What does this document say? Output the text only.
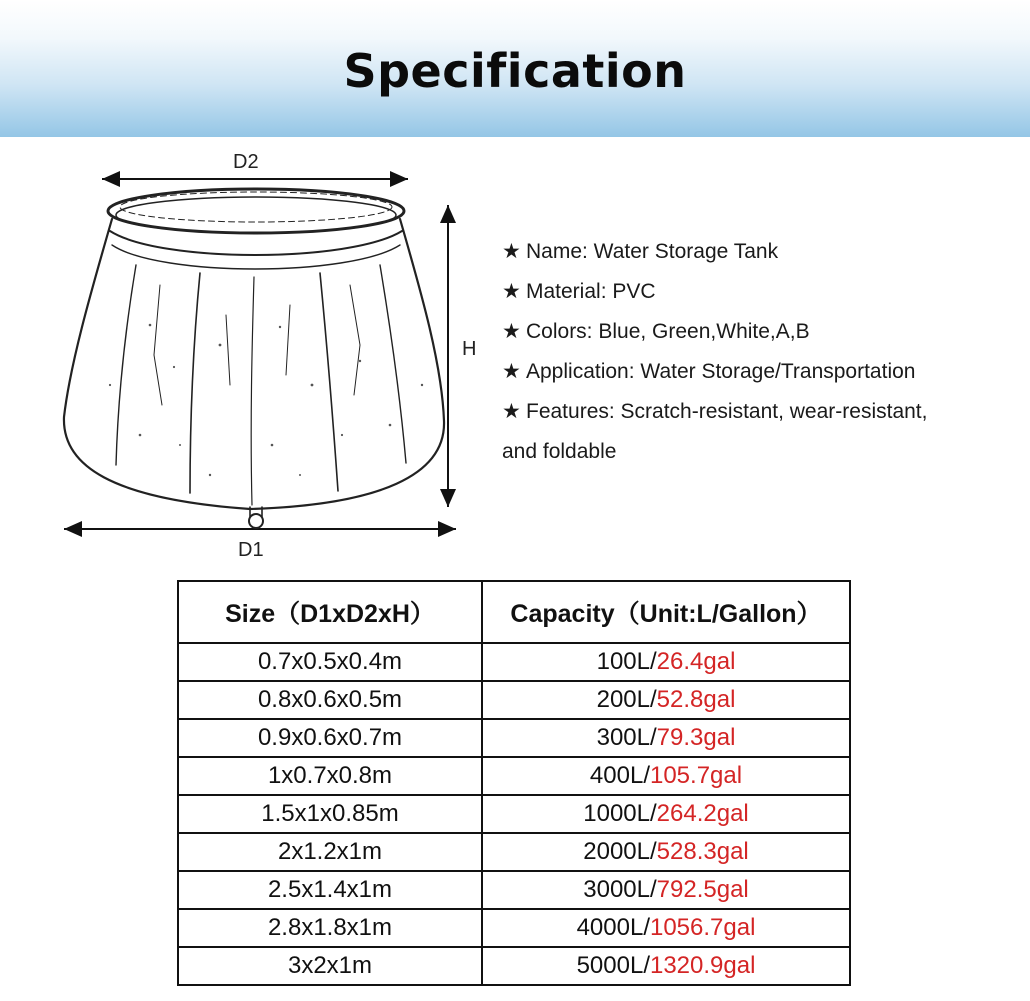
Specification
D2
H
D1
★ Name: Water Storage Tank
★ Material: PVC
★ Colors: Blue, Green,White,A,B
★ Application: Water Storage/Transportation
★ Features: Scratch-resistant, wear-resistant,
and foldable
Size（D1xD2xH）	Capacity（Unit:L/Gallon）
0.7x0.5x0.4m	100L/26.4gal
0.8x0.6x0.5m	200L/52.8gal
0.9x0.6x0.7m	300L/79.3gal
1x0.7x0.8m	400L/105.7gal
1.5x1x0.85m	1000L/264.2gal
2x1.2x1m	2000L/528.3gal
2.5x1.4x1m	3000L/792.5gal
2.8x1.8x1m	4000L/1056.7gal
3x2x1m	5000L/1320.9gal
